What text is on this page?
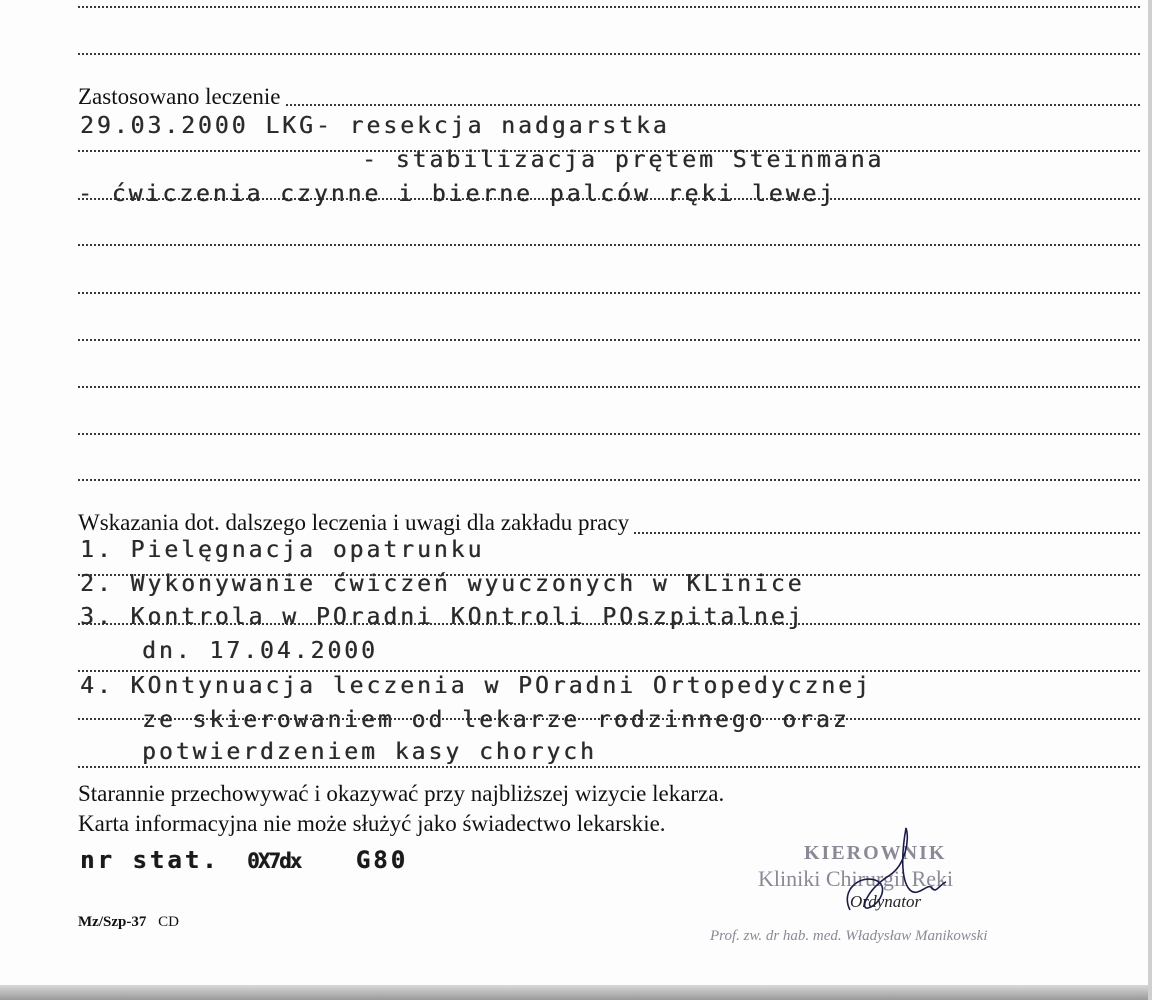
Zastosowano leczenie
29.03.2000 LKG- resekcja nadgarstka
- stabilizacja prętem Steinmana
- ćwiczenia czynne i bierne palców ręki lewej
Wskazania dot. dalszego leczenia i uwagi dla zakładu pracy
1. Pielęgnacja opatrunku
2. Wykonywanie ćwiczeń wyuczonych w KLinice
3. Kontrola w POradni KOntroli POszpitalnej
dn. 17.04.2000
4. KOntynuacja leczenia w POradni Ortopedycznej
ze skierowaniem od lekarze rodzinnego oraz
potwierdzeniem kasy chorych
Starannie przechowywać i okazywać przy najbliższej wizycie lekarza.
Karta informacyjna nie może służyć jako świadectwo lekarskie.
nr stat. 0X7dx G80
Mz/Szp-37 CD
KIEROWNIK
Kliniki Chirurgii Ręki
Ordynator
Prof. zw. dr hab. med. Władysław Manikowski
